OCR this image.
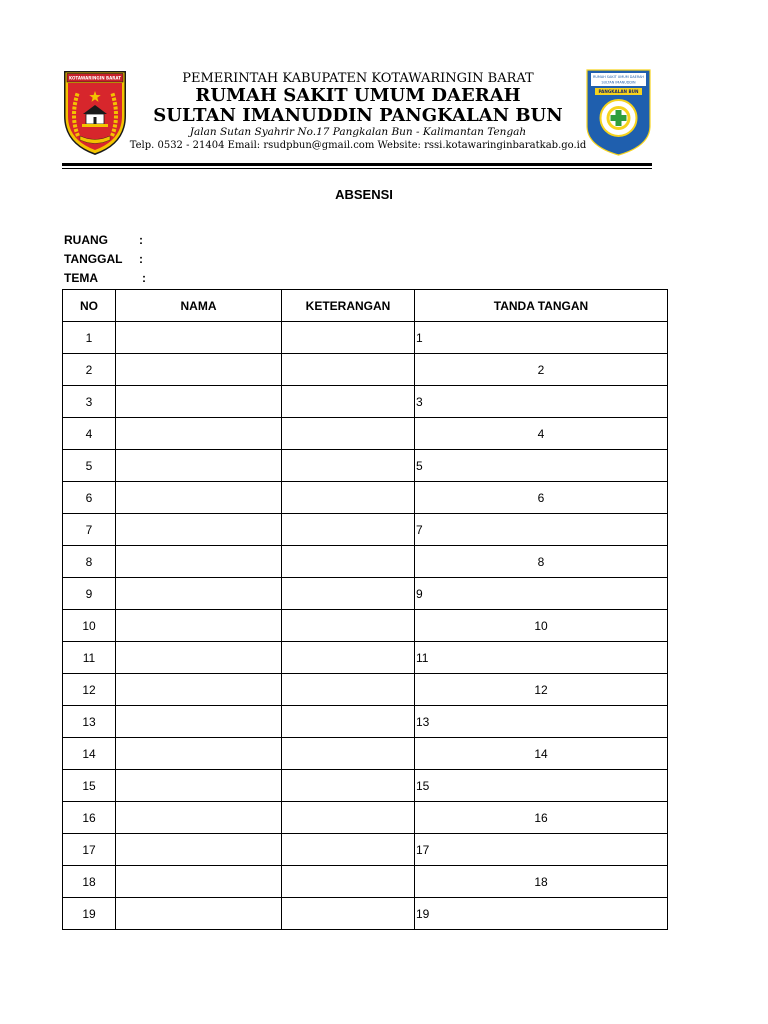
KOTAWARINGIN BARAT	PEMERINTAH KABUPATEN KOTAWARINGIN BARAT
RUMAH SAKIT UMUM DAERAH
SULTAN IMANUDDIN PANGKALAN BUN
Jalan Sutan Syahrir No.17 Pangkalan Bun - Kalimantan Tengah
Telp. 0532 - 21404 Email: rsudpbun@gmail.com Website: rssi.kotawaringinbaratkab.go.id
RUMAH SAKIT UMUM DAERAH
SULTAN IMANUDDIN
PANGKALAN BUN
ABSENSI
RUANG	:
TANGGAL :
TEMA	:
NO	NAMA	KETERANGAN	TANDA TANGAN
1			1
2			2
3			3
4			4
5			5
6			6
7			7
8			8
9			9
10			10
11			11
12			12
13			13
14			14
15			15
16			16
17			17
18			18
19			19
